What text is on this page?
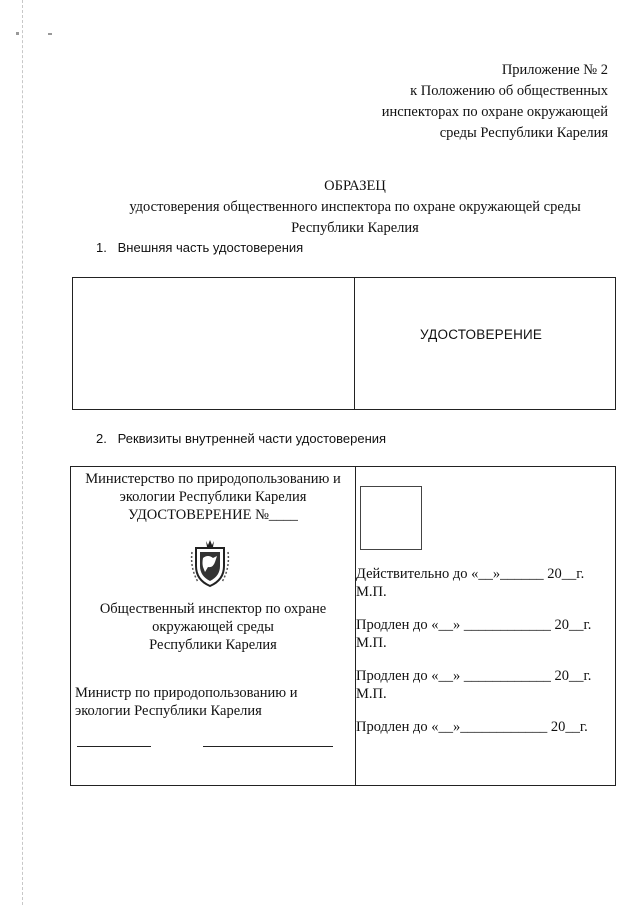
Приложение № 2
к Положению об общественных
инспекторах по охране окружающей
среды Республики Карелия
ОБРАЗЕЦ
удостоверения общественного инспектора по охране окружающей среды
Республики Карелия
1. Внешняя часть удостоверения
УДОСТОВЕРЕНИЕ
2. Реквизиты внутренней части удостоверения
Министерство по природопользованию и
экологии Республики Карелия
УДОСТОВЕРЕНИЕ №____
Общественный инспектор по охране
окружающей среды
Республики Карелия
Министр по природопользованию и
экологии Республики Карелия
Действительно до «__»______ 20__г.
М.П.
Продлен до «__» ____________ 20__г.
М.П.
Продлен до «__» ____________ 20__г.
М.П.
Продлен до «__»____________ 20__г.
